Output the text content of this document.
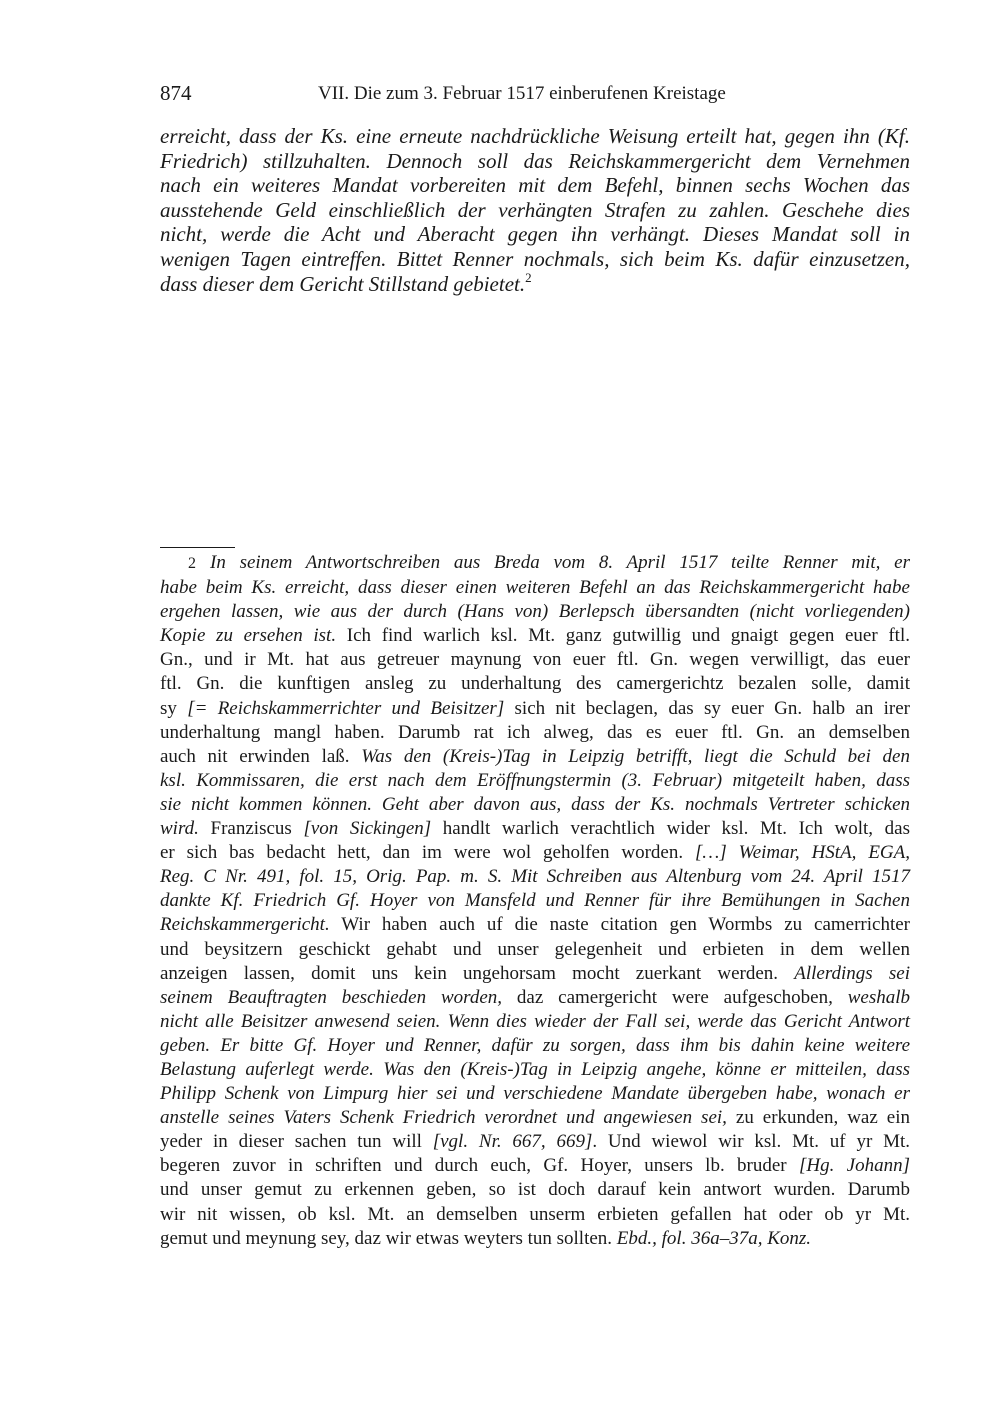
874	VII. Die zum 3. Februar 1517 einberufenen Kreistage
erreicht, dass der Ks. eine erneute nachdrückliche Weisung erteilt hat, gegen ihn (Kf.
Friedrich) stillzuhalten. Dennoch soll das Reichskammergericht dem Vernehmen
nach ein weiteres Mandat vorbereiten mit dem Befehl, binnen sechs Wochen das
ausstehende Geld einschließlich der verhängten Strafen zu zahlen. Geschehe dies
nicht, werde die Acht und Aberacht gegen ihn verhängt. Dieses Mandat soll in
wenigen Tagen eintreffen. Bittet Renner nochmals, sich beim Ks. dafür einzusetzen,
dass dieser dem Gericht Stillstand gebietet.$^2$
2 In seinem Antwortschreiben aus Breda vom 8. April 1517 teilte Renner mit, er
habe beim Ks. erreicht, dass dieser einen weiteren Befehl an das Reichskammergericht habe
ergehen lassen, wie aus der durch (Hans von) Berlepsch übersandten (nicht vorliegenden)
Kopie zu ersehen ist. Ich find warlich ksl. Mt. ganz gutwillig und gnaigt gegen euer ftl.
Gn., und ir Mt. hat aus getreuer maynung von euer ftl. Gn. wegen verwilligt, das euer
ftl. Gn. die kunftigen ansleg zu underhaltung des camergerichtz bezalen solle, damit
sy [= Reichskammerrichter und Beisitzer] sich nit beclagen, das sy euer Gn. halb an irer
underhaltung mangl haben. Darumb rat ich alweg, das es euer ftl. Gn. an demselben
auch nit erwinden laß. Was den (Kreis-)Tag in Leipzig betrifft, liegt die Schuld bei den
ksl. Kommissaren, die erst nach dem Eröffnungstermin (3. Februar) mitgeteilt haben, dass
sie nicht kommen können. Geht aber davon aus, dass der Ks. nochmals Vertreter schicken
wird. Franziscus [von Sickingen] handlt warlich verachtlich wider ksl. Mt. Ich wolt, das
er sich bas bedacht hett, dan im were wol geholfen worden. […] Weimar, HStA, EGA,
Reg. C Nr. 491, fol. 15, Orig. Pap. m. S. Mit Schreiben aus Altenburg vom 24. April 1517
dankte Kf. Friedrich Gf. Hoyer von Mansfeld und Renner für ihre Bemühungen in Sachen
Reichskammergericht. Wir haben auch uf die naste citation gen Wormbs zu camerrichter
und beysitzern geschickt gehabt und unser gelegenheit und erbieten in dem wellen
anzeigen lassen, domit uns kein ungehorsam mocht zuerkant werden. Allerdings sei
seinem Beauftragten beschieden worden, daz camergericht were aufgeschoben, weshalb
nicht alle Beisitzer anwesend seien. Wenn dies wieder der Fall sei, werde das Gericht Antwort
geben. Er bitte Gf. Hoyer und Renner, dafür zu sorgen, dass ihm bis dahin keine weitere
Belastung auferlegt werde. Was den (Kreis-)Tag in Leipzig angehe, könne er mitteilen, dass
Philipp Schenk von Limpurg hier sei und verschiedene Mandate übergeben habe, wonach er
anstelle seines Vaters Schenk Friedrich verordnet und angewiesen sei, zu erkunden, waz ein
yeder in dieser sachen tun will [vgl. Nr. 667, 669]. Und wiewol wir ksl. Mt. uf yr Mt.
begeren zuvor in schriften und durch euch, Gf. Hoyer, unsers lb. bruder [Hg. Johann]
und unser gemut zu erkennen geben, so ist doch darauf kein antwort wurden. Darumb
wir nit wissen, ob ksl. Mt. an demselben unserm erbieten gefallen hat oder ob yr Mt.
gemut und meynung sey, daz wir etwas weyters tun sollten. Ebd., fol. 36a–37a, Konz.
